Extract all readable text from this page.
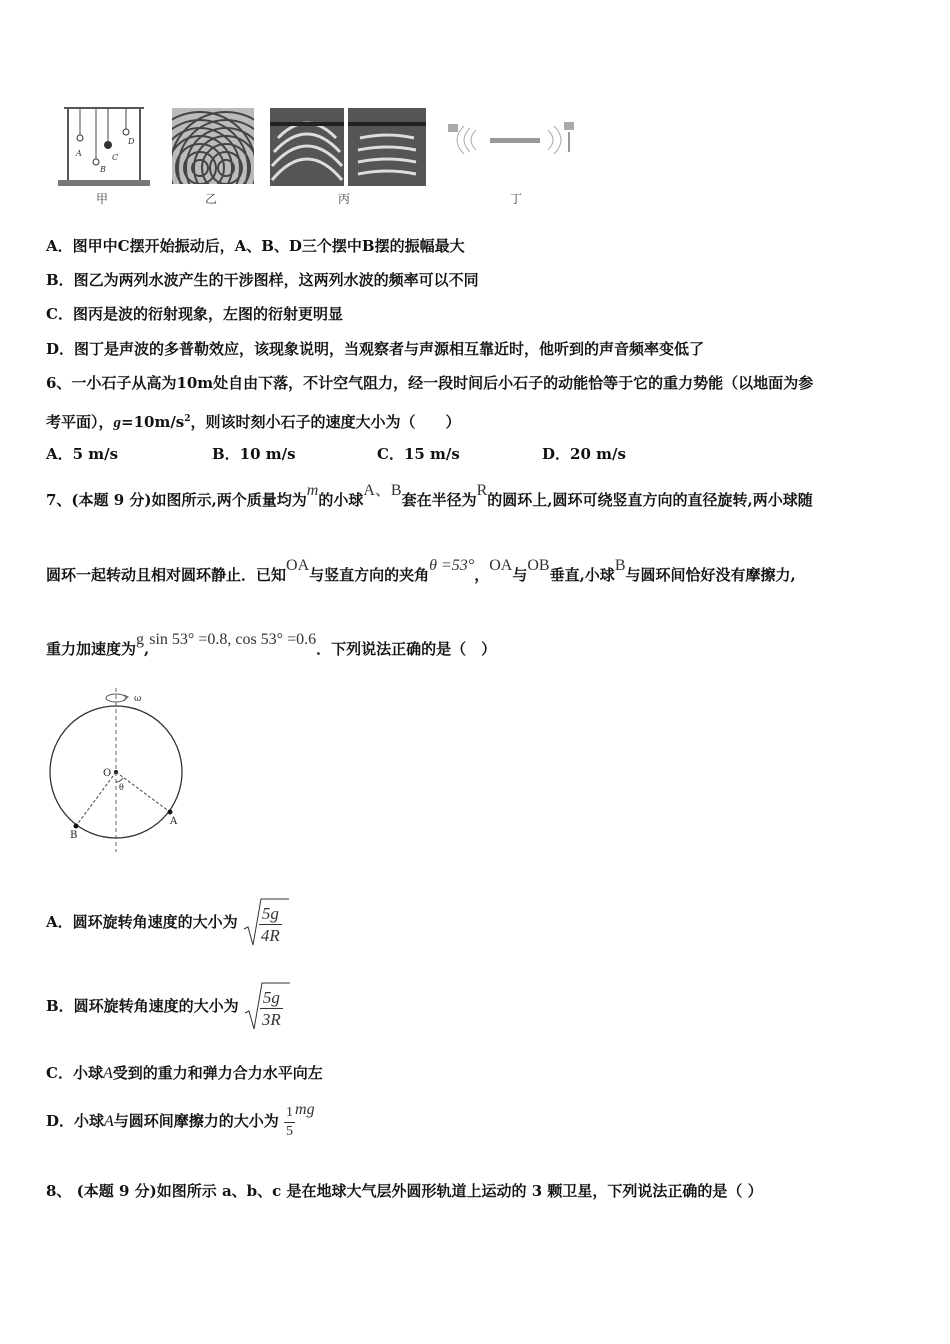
A
B
C
D
甲	乙	丙	丁
A．图甲中C摆开始振动后，A、B、D三个摆中B摆的振幅最大
B．图乙为两列水波产生的干涉图样，这两列水波的频率可以不同
C．图丙是波的衍射现象，左图的衍射更明显
D．图丁是声波的多普勒效应，该现象说明，当观察者与声源相互靠近时，他听到的声音频率变低了
6、一小石子从高为10m处自由下落，不计空气阻力，经一段时间后小石子的动能恰等于它的重力势能（以地面为参
考平面），$g=10m/s^2$，则该时刻小石子的速度大小为（　　）
A．5 m/s	B．10 m/s	C．15 m/s	D．20 m/s
7、(本题 9 分)如图所示,两个质量均为m的小球A、B套在半径为R的圆环上,圆环可绕竖直方向的直径旋转,两小球随
圆环一起转动且相对圆环静止．已知OA与竖直方向的夹角θ =53°，OA与OB垂直,小球B与圆环间恰好没有摩擦力,
重力加速度为g,sin 53° =0.8, cos 53° =0.6．下列说法正确的是（　）
ω
O
θ
A
B
A．圆环旋转角速度的大小为 $\frac{5g}{4R}$
B．圆环旋转角速度的大小为 $\frac{5g}{3R}$
C．小球A受到的重力和弹力合力水平向左
D．小球A与圆环间摩擦力的大小为 $\frac{1}{5}$ mg
8、 (本题 9 分)如图所示 a、b、c 是在地球大气层外圆形轨道上运动的 3 颗卫星，下列说法正确的是（ ）
